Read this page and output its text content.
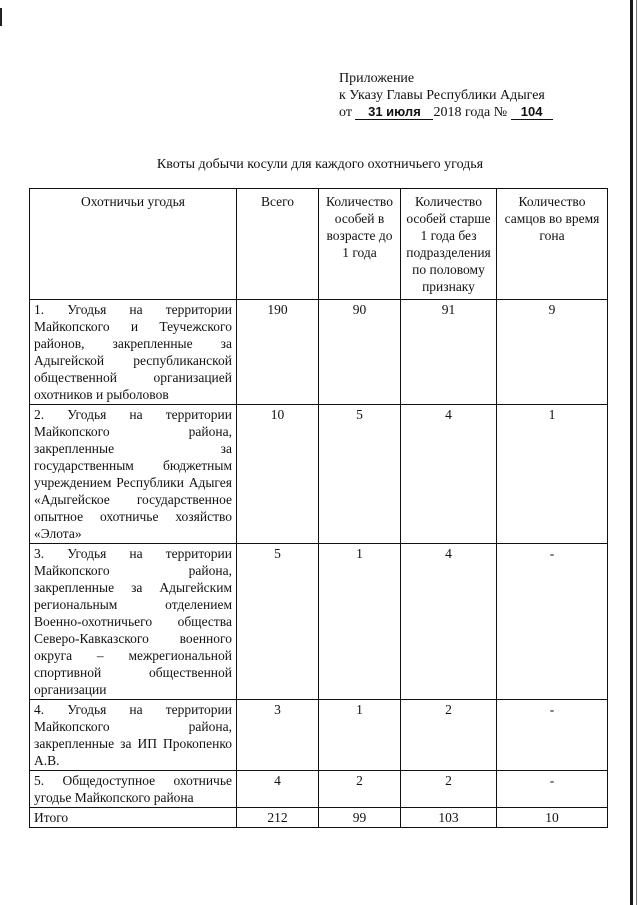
Приложение
к Указу Главы Республики Адыгея
от 31 июля 2018 года № 104
Квоты добычи косули для каждого охотничьего угодья
Охотничьи угодья	Всего	Количество особей в возрасте до 1 года	Количество особей старше 1 года без подразделения по половому признаку	Количество самцов во время гона
1. Угодья на территории Майкопского и Теучежского районов, закрепленные за Адыгейской республиканской общественной организацией охотников и рыболовов	190	90	91	9
2. Угодья на территории Майкопского района, закрепленные за государственным бюджетным учреждением Республики Адыгея «Адыгейское государственное опытное охотничье хозяйство «Элота»	10	5	4	1
3. Угодья на территории Майкопского района, закрепленные за Адыгейским региональным отделением Военно-охотничьего общества Северо-Кавказского военного округа – межрегиональной спортивной общественной организации	5	1	4	-
4. Угодья на территории Майкопского района, закрепленные за ИП Прокопенко А.В.	3	1	2	-
5. Общедоступное охотничье угодье Майкопского района	4	2	2	-
Итого	212	99	103	10
